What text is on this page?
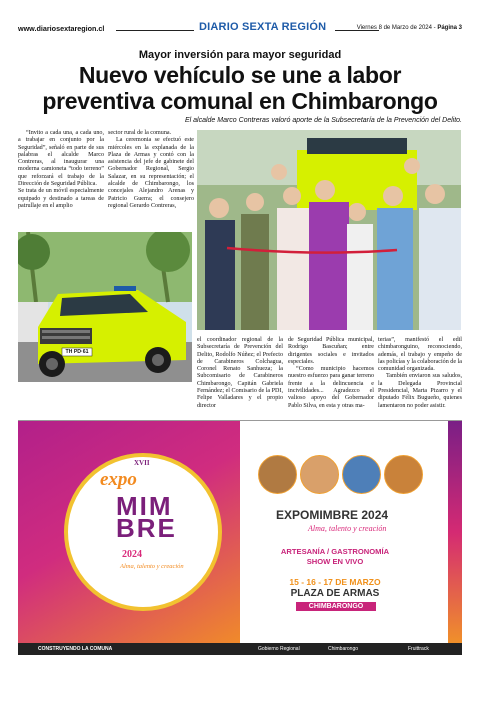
www.diariosextaregion.cl	DIARIO SEXTA REGIÓN	Viernes 8 de Marzo de 2024 - Página 3
Mayor inversión para mayor seguridad
Nuevo vehículo se une a labor
preventiva comunal en Chimbarongo
El alcalde Marco Contreras valoró aporte de la Subsecretaría de la Prevención del Delito.

“Invito a cada una, a cada uno, a trabajar en conjunto por la Seguridad”, señaló en parte de sus palabras el alcalde Marco Contreras, al inaugurar una moderna camioneta “todo terreno” que reforzará el trabajo de la Dirección de Seguridad Pública.

Se trata de un móvil especialmente equipado y destinado a tareas de patrullaje en el amplio

sector rural de la comuna.

La ceremonia se efectuó este miércoles en la explanada de la Plaza de Armas y contó con la asistencia del jefe de gabinete del Gobernador Regional, Sergio Salazar, en su representación; el alcalde de Chimbarongo, los concejales Alejandro Arenas y Patricio Guerra; el consejero regional Gerardo Contreras,

TH PD·61
el coordinador regional de la Subsecretaría de Prevención del Delito, Rodolfo Núñez; el Prefecto de Carabineros Colchagua, Coronel Renato Sanhueza; la Subcomisario de Carabineros Chimbarongo, Capitán Gabriela Fernández; el Comisario de la PDI, Felipe Valladares y el propio director

de Seguridad Pública municipal, Rodrigo Bascuñan; entre dirigentes sociales e invitados especiales.

“Como municipio hacemos nuestro esfuerzo para ganar terreno frente a la delincuencia e incivilidades... Agradezco el valioso apoyo del Gobernador Pablo Silva, en esta y otras ma-

terias”, manifestó el edil chimbaronguino, reconociendo, además, el trabajo y empeño de las policías y la colaboración de la comunidad organizada.

También enviaron sus saludos, la Delegada Provincial Presidencial, Marta Pizarro y el diputado Félix Bugueño, quienes lamentaron no poder asistir.

XVII
expo
MIM
BRE
2024
Alma, talento y creación
EXPOMIMBRE 2024
Alma, talento y creación
ARTESANÍA / GASTRONOMÍA
SHOW EN VIVO
15 - 16 - 17 DE MARZO
PLAZA DE ARMAS
CHIMBARONGO
CONSTRUYENDO LA COMUNA	Gobierno Regional	Chimbarongo	Fruittrack
